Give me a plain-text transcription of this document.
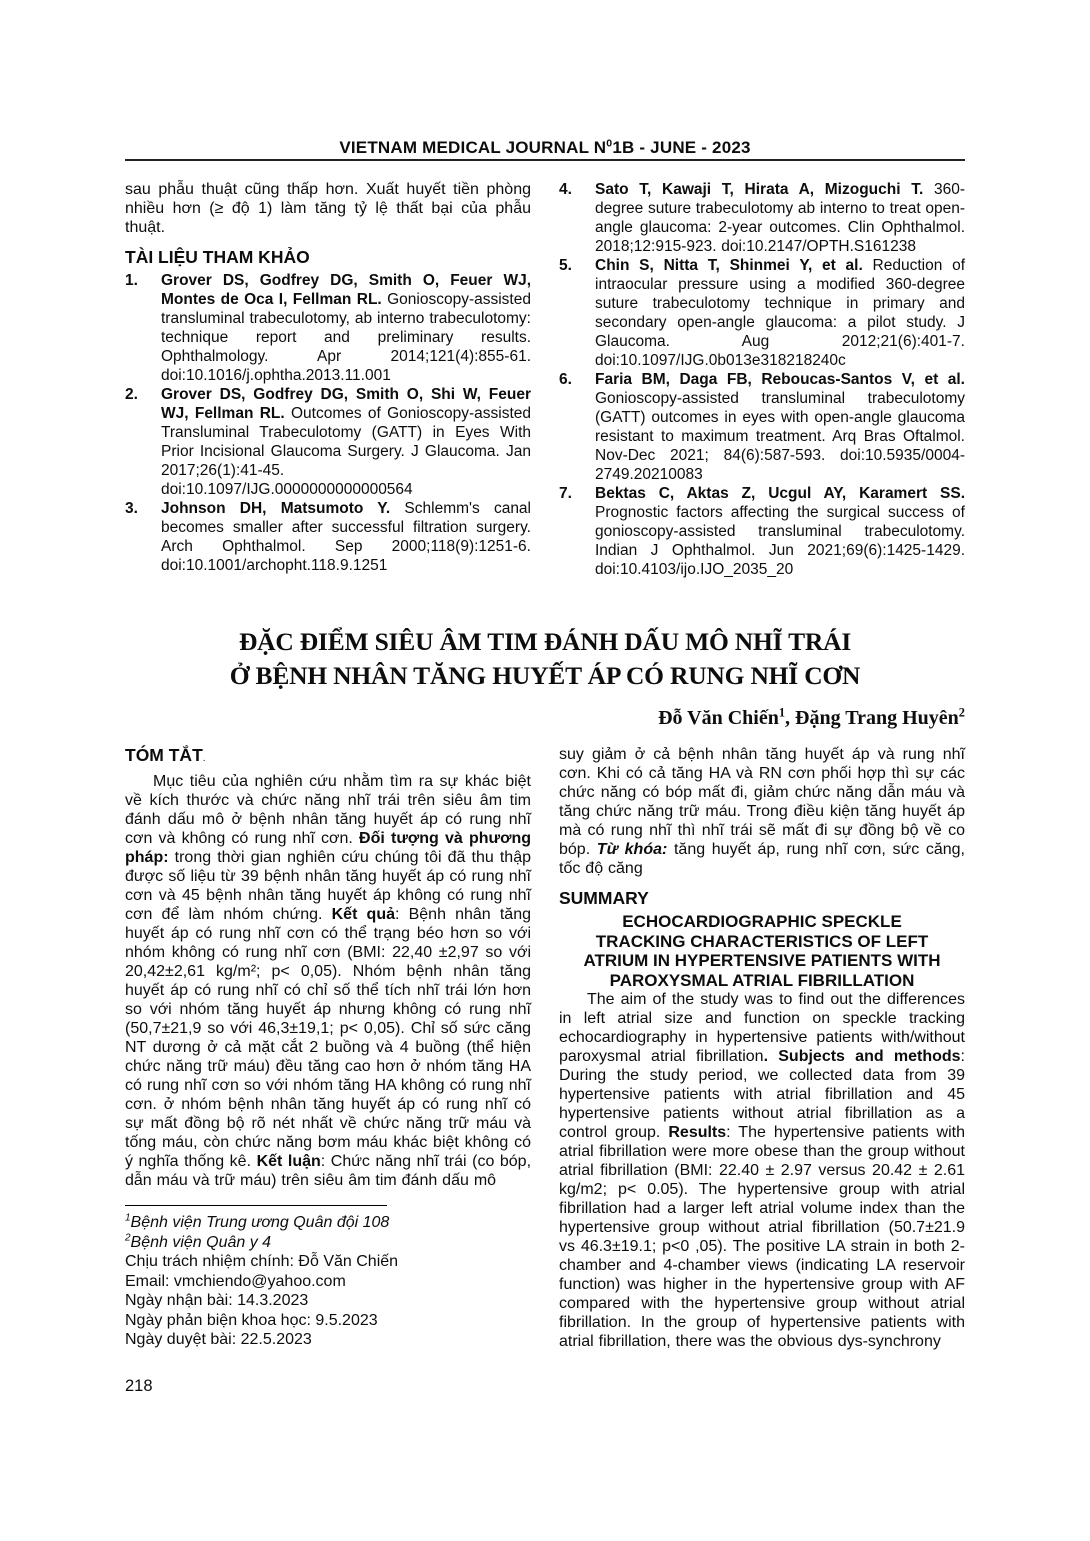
VIETNAM MEDICAL JOURNAL $N^01B$ - JUNE - 2023

sau phẫu thuật cũng thấp hơn. Xuất huyết tiền phòng nhiều hơn (≥ độ 1) làm tăng tỷ lệ thất bại của phẫu thuật.

TÀI LIỆU THAM KHẢO
1.	Grover DS, Godfrey DG, Smith O, Feuer WJ, Montes de Oca I, Fellman RL. Gonioscopy-assisted transluminal trabeculotomy, ab interno trabeculotomy: technique report and preliminary results. Ophthalmology. Apr 2014;121(4):855-61. doi:10.1016/j.ophtha.2013.11.001
2.	Grover DS, Godfrey DG, Smith O, Shi W, Feuer WJ, Fellman RL. Outcomes of Gonioscopy-assisted Transluminal Trabeculotomy (GATT) in Eyes With Prior Incisional Glaucoma Surgery. J Glaucoma. Jan 2017;26(1):41-45. doi:10.1097/IJG.0000000000000564
3.	Johnson DH, Matsumoto Y. Schlemm's canal becomes smaller after successful filtration surgery. Arch Ophthalmol. Sep 2000;118(9):1251-6. doi:10.1001/archopht.118.9.1251
4.	Sato T, Kawaji T, Hirata A, Mizoguchi T. 360-degree suture trabeculotomy ab interno to treat open-angle glaucoma: 2-year outcomes. Clin Ophthalmol. 2018;12:915-923. doi:10.2147/OPTH.S161238
5.	Chin S, Nitta T, Shinmei Y, et al. Reduction of intraocular pressure using a modified 360-degree suture trabeculotomy technique in primary and secondary open-angle glaucoma: a pilot study. J Glaucoma. Aug 2012;21(6):401-7. doi:10.1097/IJG.0b013e318218240c
6.	Faria BM, Daga FB, Reboucas-Santos V, et al. Gonioscopy-assisted transluminal trabeculotomy (GATT) outcomes in eyes with open-angle glaucoma resistant to maximum treatment. Arq Bras Oftalmol. Nov-Dec 2021; 84(6):587-593. doi:10.5935/0004-2749.20210083
7.	Bektas C, Aktas Z, Ucgul AY, Karamert SS. Prognostic factors affecting the surgical success of gonioscopy-assisted transluminal trabeculotomy. Indian J Ophthalmol. Jun 2021;69(6):1425-1429. doi:10.4103/ijo.IJO_2035_20
ĐẶC ĐIỂM SIÊU ÂM TIM ĐÁNH DẤU MÔ NHĨ TRÁI
Ở BỆNH NHÂN TĂNG HUYẾT ÁP CÓ RUNG NHĨ CƠN
Đỗ Văn Chiến$^1$, Đặng Trang Huyên$^2$
TÓM TẮT.

Mục tiêu của nghiên cứu nhằm tìm ra sự khác biệt về kích thước và chức năng nhĩ trái trên siêu âm tim đánh dấu mô ở bệnh nhân tăng huyết áp có rung nhĩ cơn và không có rung nhĩ cơn. Đối tượng và phương pháp: trong thời gian nghiên cứu chúng tôi đã thu thập được số liệu từ 39 bệnh nhân tăng huyết áp có rung nhĩ cơn và 45 bệnh nhân tăng huyết áp không có rung nhĩ cơn để làm nhóm chứng. Kết quả: Bệnh nhân tăng huyết áp có rung nhĩ cơn có thể trạng béo hơn so với nhóm không có rung nhĩ cơn (BMI: 22,40 ±2,97 so với 20,42±2,61 kg/m²; p< 0,05). Nhóm bệnh nhân tăng huyết áp có rung nhĩ có chỉ số thể tích nhĩ trái lớn hơn so với nhóm tăng huyết áp nhưng không có rung nhĩ (50,7±21,9 so với 46,3±19,1; p< 0,05). Chỉ số sức căng NT dương ở cả mặt cắt 2 buồng và 4 buồng (thể hiện chức năng trữ máu) đều tăng cao hơn ở nhóm tăng HA có rung nhĩ cơn so với nhóm tăng HA không có rung nhĩ cơn. ở nhóm bệnh nhân tăng huyết áp có rung nhĩ có sự mất đồng bộ rõ nét nhất về chức năng trữ máu và tống máu, còn chức năng bơm máu khác biệt không có ý nghĩa thống kê. Kết luận: Chức năng nhĩ trái (co bóp, dẫn máu và trữ máu) trên siêu âm tim đánh dấu mô

$^1$Bệnh viện Trung ương Quân đội 108
$^2$Bệnh viện Quân y 4
Chịu trách nhiệm chính: Đỗ Văn Chiến
Email: vmchiendo@yahoo.com
Ngày nhận bài: 14.3.2023
Ngày phản biện khoa học: 9.5.2023
Ngày duyệt bài: 22.5.2023
218

suy giảm ở cả bệnh nhân tăng huyết áp và rung nhĩ cơn. Khi có cả tăng HA và RN cơn phối hợp thì sự các chức năng có bóp mất đi, giảm chức năng dẫn máu và tăng chức năng trữ máu. Trong điều kiện tăng huyết áp mà có rung nhĩ thì nhĩ trái sẽ mất đi sự đồng bộ về co bóp. Từ khóa: tăng huyết áp, rung nhĩ cơn, sức căng, tốc độ căng

SUMMARY
ECHOCARDIOGRAPHIC SPECKLE
TRACKING CHARACTERISTICS OF LEFT
ATRIUM IN HYPERTENSIVE PATIENTS WITH
PAROXYSMAL ATRIAL FIBRILLATION

The aim of the study was to find out the differences in left atrial size and function on speckle tracking echocardiography in hypertensive patients with/without paroxysmal atrial fibrillation. Subjects and methods: During the study period, we collected data from 39 hypertensive patients with atrial fibrillation and 45 hypertensive patients without atrial fibrillation as a control group. Results: The hypertensive patients with atrial fibrillation were more obese than the group without atrial fibrillation (BMI: 22.40 ± 2.97 versus 20.42 ± 2.61 kg/m2; p< 0.05). The hypertensive group with atrial fibrillation had a larger left atrial volume index than the hypertensive group without atrial fibrillation (50.7±21.9 vs 46.3±19.1; p<0 ,05). The positive LA strain in both 2-chamber and 4-chamber views (indicating LA reservoir function) was higher in the hypertensive group with AF compared with the hypertensive group without atrial fibrillation. In the group of hypertensive patients with atrial fibrillation, there was the obvious dys-synchrony
